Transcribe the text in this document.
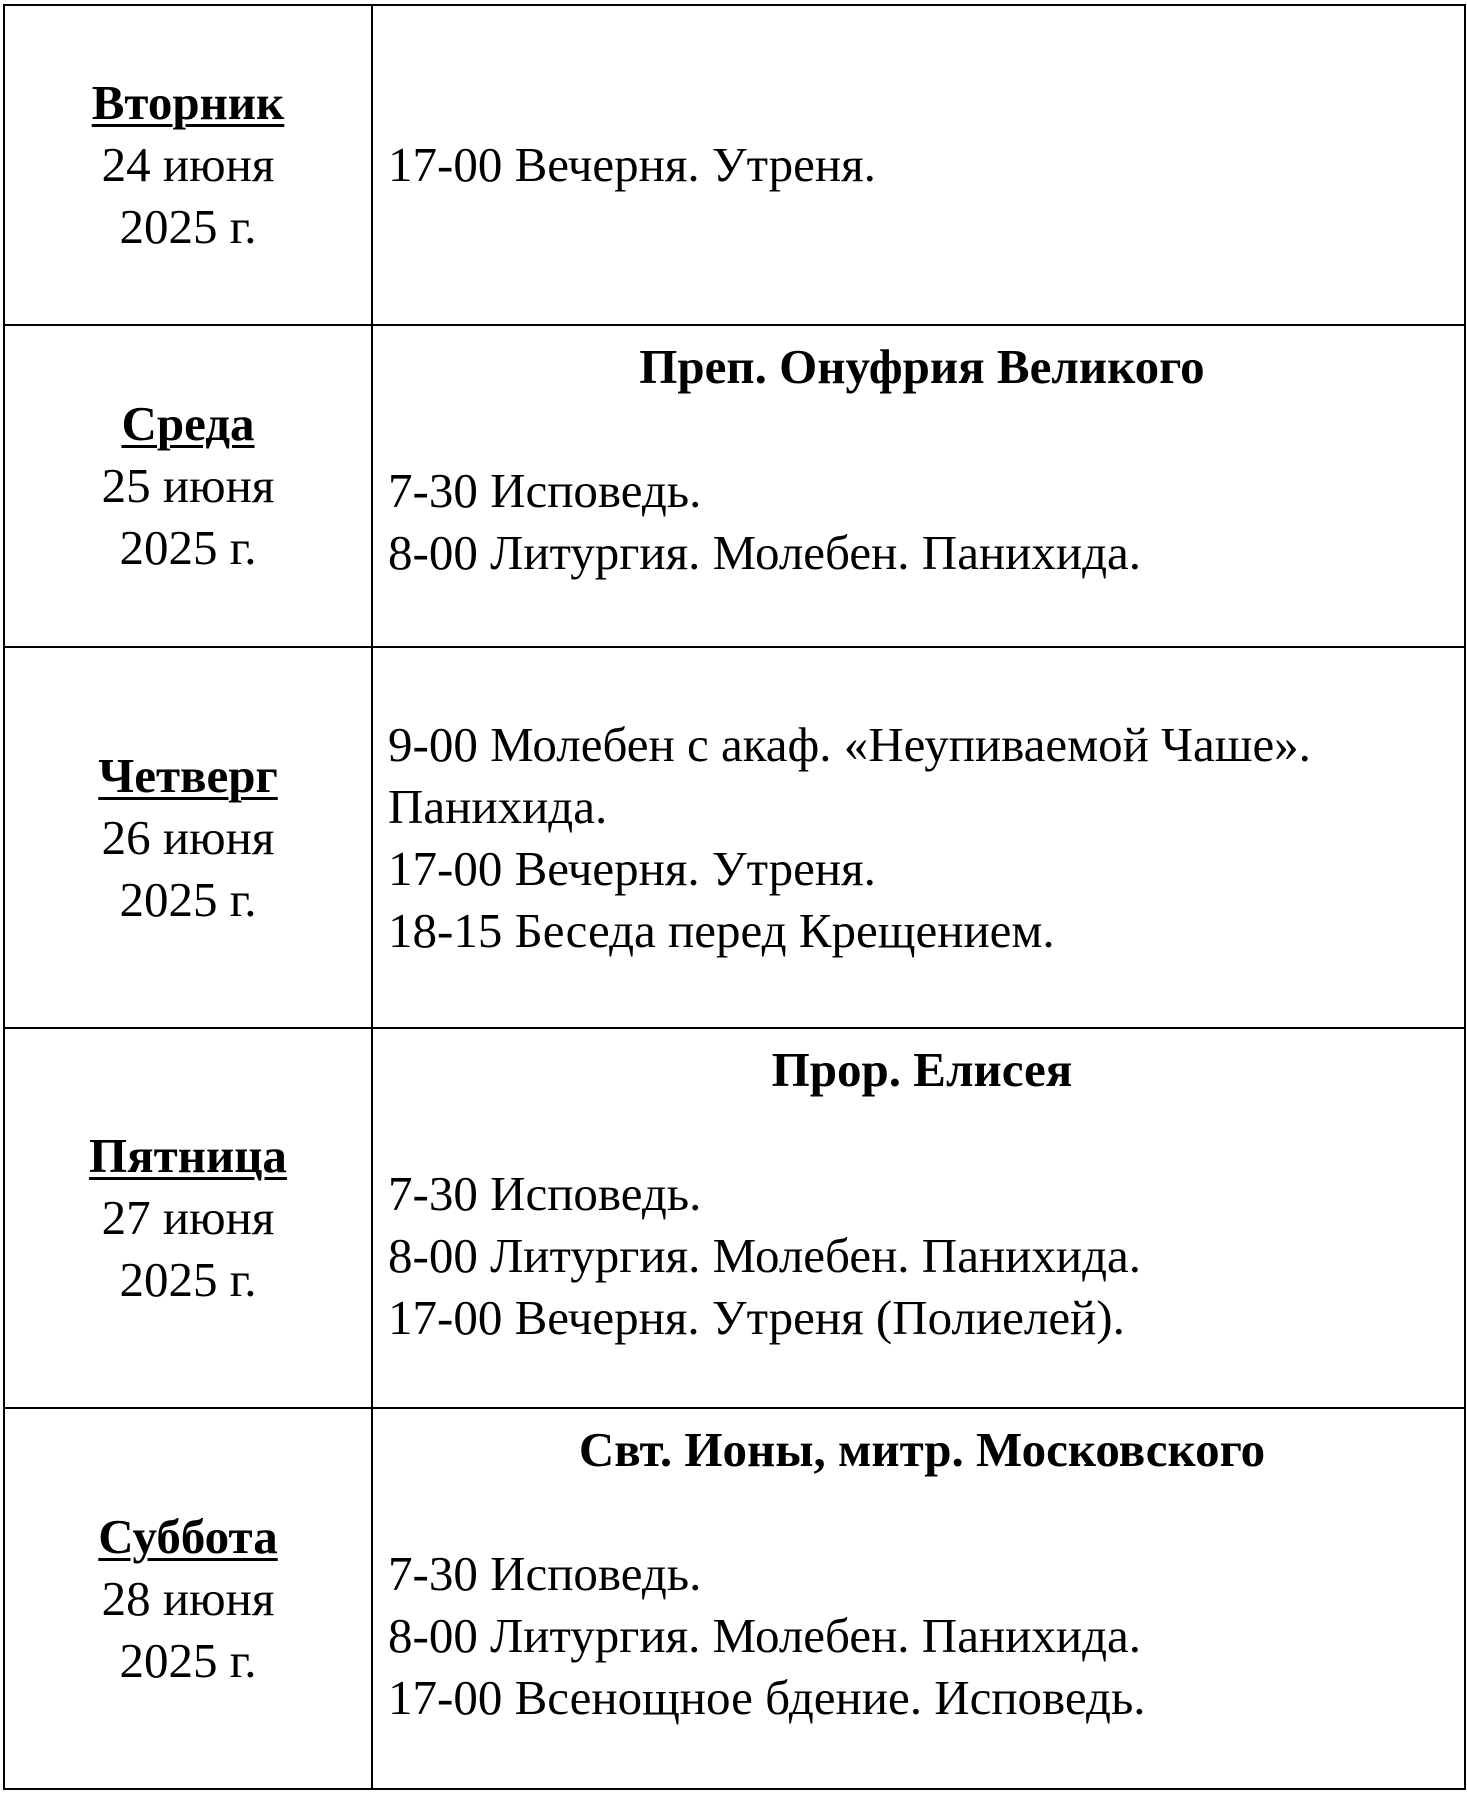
Вторник
24 июня
2025 г.	17-00 Вечерня. Утреня.

Среда
25 июня
2025 г.	Преп. Онуфрия Великого
7-30 Исповедь.
8-00 Литургия. Молебен. Панихида.

Четверг
26 июня
2025 г.	9-00 Молебен с акаф. «Неупиваемой Чаше».
Панихида.
17-00 Вечерня. Утреня.
18-15 Беседа перед Крещением.

Пятница
27 июня
2025 г.	Прор. Елисея
7-30 Исповедь.
8-00 Литургия. Молебен. Панихида.
17-00 Вечерня. Утреня (Полиелей).

Суббота
28 июня
2025 г.	Свт. Ионы, митр. Московского
7-30 Исповедь.
8-00 Литургия. Молебен. Панихида.
17-00 Всенощное бдение. Исповедь.
